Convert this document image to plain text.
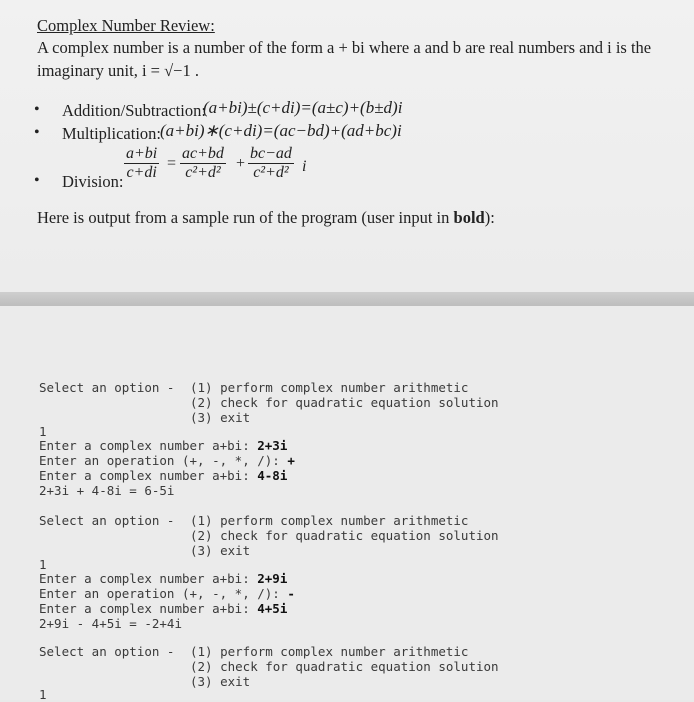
Complex Number Review:
A complex number is a number of the form a + bi where a and b are real numbers and i is the
imaginary unit, i = √−1 .
• Addition/Subtraction:
(a+bi)±(c+di)=(a±c)+(b±d)i
• Multiplication: (a+bi)∗(c+di)=(ac−bd)+(ad+bc)i
• Division: $\frac{a+bi}{c+di} = \frac{ac+bd}{\text{c²+d²}} + \frac{bc-ad}{\text{c²+d²}}$ i
Here is output from a sample run of the program (user input in bold):
Select an option - (1) perform complex number arithmetic
(2) check for quadratic equation solution
(3) exit
1
Enter a complex number a+bi: 2+3i
Enter an operation (+, -, *, /): +
Enter a complex number a+bi: 4-8i
2+3i + 4-8i = 6-5i
Select an option - (1) perform complex number arithmetic
(2) check for quadratic equation solution
(3) exit
1
Enter a complex number a+bi: 2+9i
Enter an operation (+, -, *, /): -
Enter a complex number a+bi: 4+5i
2+9i - 4+5i = -2+4i
Select an option - (1) perform complex number arithmetic
(2) check for quadratic equation solution
(3) exit
1
